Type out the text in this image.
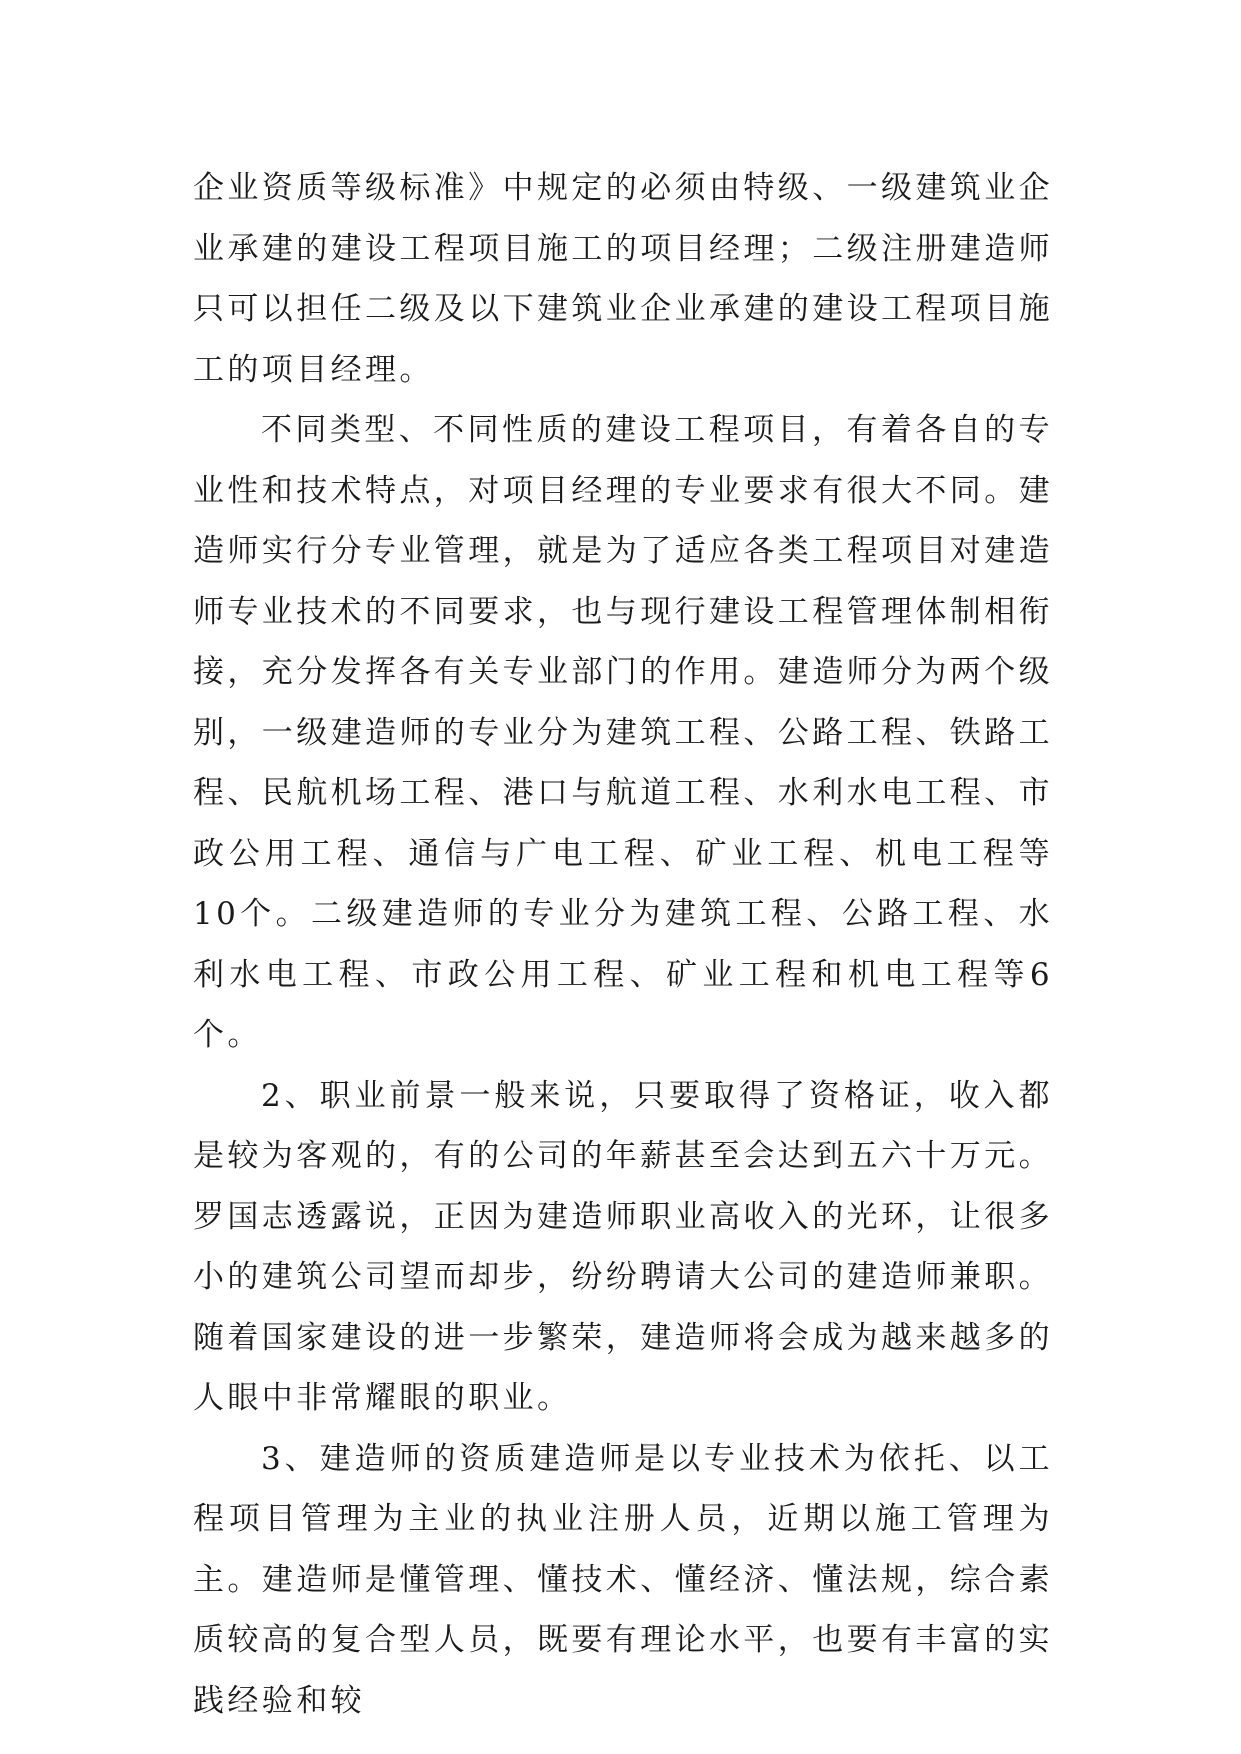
企业资质等级标准》中规定的必须由特级、一级建筑业企业承建的建设工程项目施工的项目经理；二级注册建造师只可以担任二级及以下建筑业企业承建的建设工程项目施工的项目经理。

不同类型、不同性质的建设工程项目，有着各自的专业性和技术特点，对项目经理的专业要求有很大不同。建造师实行分专业管理，就是为了适应各类工程项目对建造师专业技术的不同要求，也与现行建设工程管理体制相衔接，充分发挥各有关专业部门的作用。建造师分为两个级别，一级建造师的专业分为建筑工程、公路工程、铁路工程、民航机场工程、港口与航道工程、水利水电工程、市政公用工程、通信与广电工程、矿业工程、机电工程等10个。二级建造师的专业分为建筑工程、公路工程、水利水电工程、市政公用工程、矿业工程和机电工程等6个。

2、职业前景一般来说，只要取得了资格证，收入都是较为客观的，有的公司的年薪甚至会达到五六十万元。罗国志透露说，正因为建造师职业高收入的光环，让很多小的建筑公司望而却步，纷纷聘请大公司的建造师兼职。随着国家建设的进一步繁荣，建造师将会成为越来越多的人眼中非常耀眼的职业。

3、建造师的资质建造师是以专业技术为依托、以工程项目管理为主业的执业注册人员，近期以施工管理为主。建造师是懂管理、懂技术、懂经济、懂法规，综合素质较高的复合型人员，既要有理论水平，也要有丰富的实践经验和较
